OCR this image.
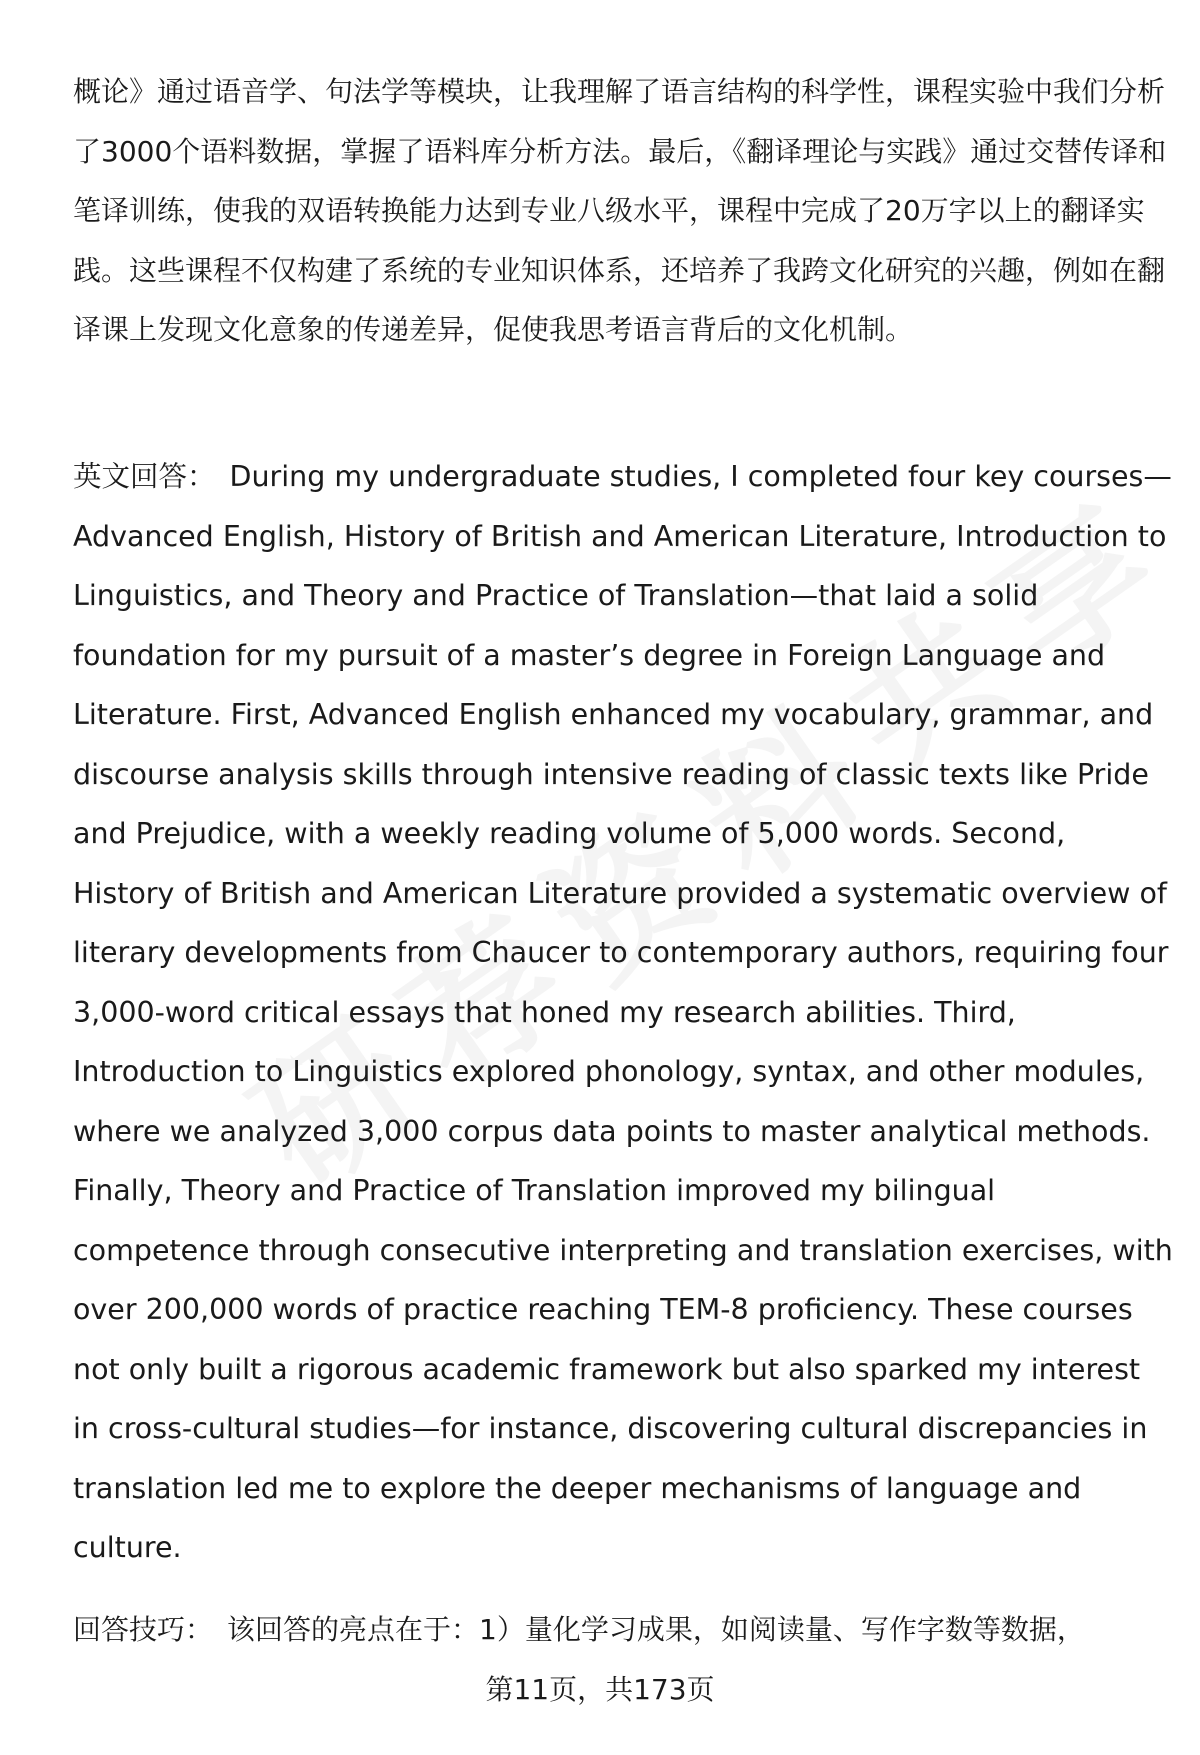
概论》通过语音学、句法学等模块，让我理解了语言结构的科学性，课程实验中我们分析了3000个语料数据，掌握了语料库分析方法。最后，《翻译理论与实践》通过交替传译和笔译训练，使我的双语转换能力达到专业八级水平，课程中完成了20万字以上的翻译实践。这些课程不仅构建了系统的专业知识体系，还培养了我跨文化研究的兴趣，例如在翻译课上发现文化意象的传递差异，促使我思考语言背后的文化机制。

英文回答： During my undergraduate studies, I completed four key courses—Advanced English, History of British and American Literature, Introduction to Linguistics, and Theory and Practice of Translation—that laid a solid foundation for my pursuit of a master’s degree in Foreign Language and Literature. First, Advanced English enhanced my vocabulary, grammar, and discourse analysis skills through intensive reading of classic texts like Pride and Prejudice, with a weekly reading volume of 5,000 words. Second, History of British and American Literature provided a systematic overview of literary developments from Chaucer to contemporary authors, requiring four 3,000-word critical essays that honed my research abilities. Third, Introduction to Linguistics explored phonology, syntax, and other modules, where we analyzed 3,000 corpus data points to master analytical methods. Finally, Theory and Practice of Translation improved my bilingual competence through consecutive interpreting and translation exercises, with over 200,000 words of practice reaching TEM-8 proficiency. These courses not only built a rigorous academic framework but also sparked my interest in cross-cultural studies—for instance, discovering cultural discrepancies in translation led me to explore the deeper mechanisms of language and culture.

回答技巧： 该回答的亮点在于：1）量化学习成果，如阅读量、写作字数等数据，

第11页，共173页
